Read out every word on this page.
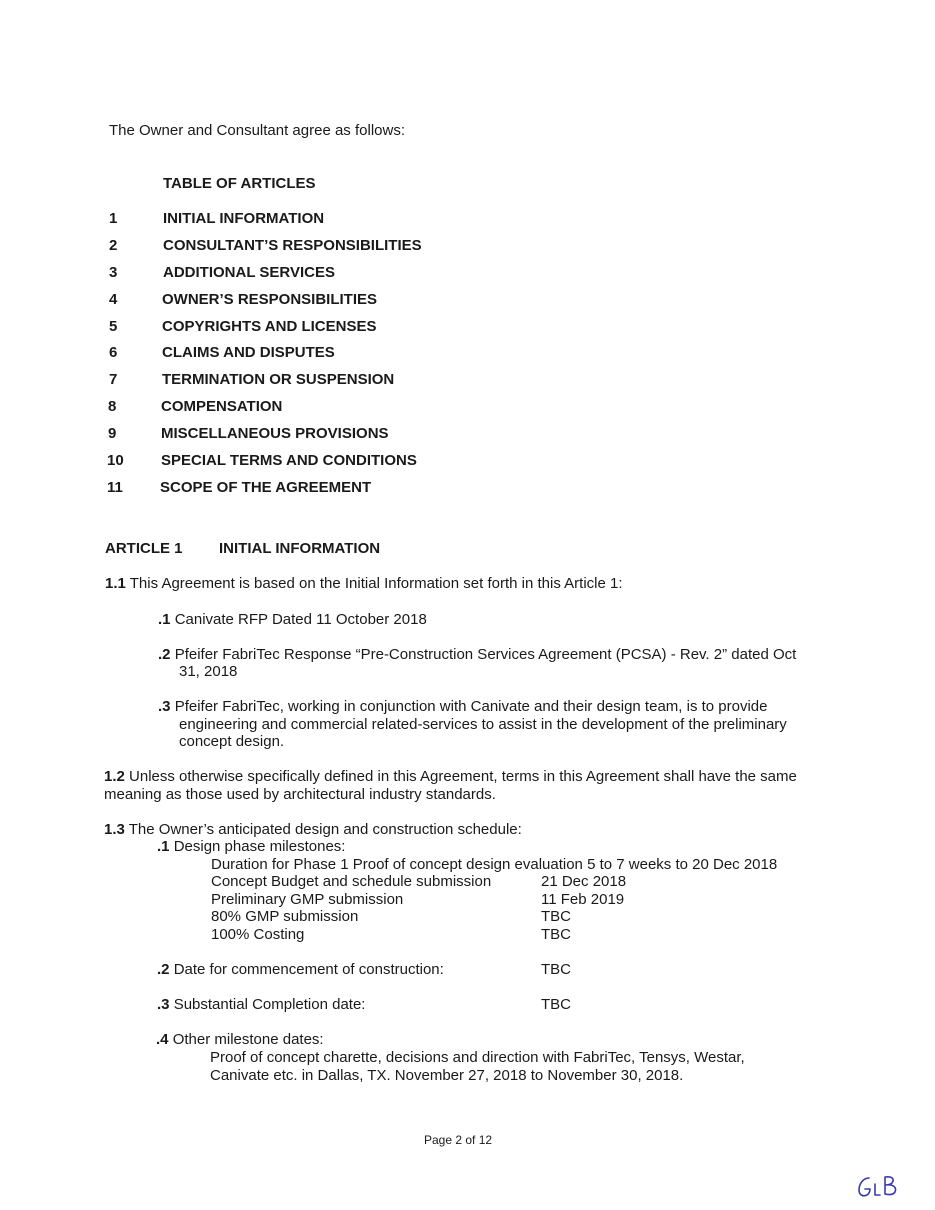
The Owner and Consultant agree as follows:
TABLE OF ARTICLES
1	INITIAL INFORMATION
2	CONSULTANT’S RESPONSIBILITIES
3	ADDITIONAL SERVICES
4	OWNER’S RESPONSIBILITIES
5	COPYRIGHTS AND LICENSES
6	CLAIMS AND DISPUTES
7	TERMINATION OR SUSPENSION
8	COMPENSATION
9	MISCELLANEOUS PROVISIONS
10 SPECIAL TERMS AND CONDITIONS
11 SCOPE OF THE AGREEMENT
ARTICLE 1 INITIAL INFORMATION
1.1 This Agreement is based on the Initial Information set forth in this Article 1:
.1 Canivate RFP Dated 11 October 2018
.2 Pfeifer FabriTec Response “Pre-Construction Services Agreement (PCSA) - Rev. 2” dated Oct
31, 2018
.3 Pfeifer FabriTec, working in conjunction with Canivate and their design team, is to provide
engineering and commercial related-services to assist in the development of the preliminary
concept design.
1.2 Unless otherwise specifically defined in this Agreement, terms in this Agreement shall have the same
meaning as those used by architectural industry standards.
1.3 The Owner’s anticipated design and construction schedule:
.1 Design phase milestones:
Duration for Phase 1 Proof of concept design evaluation 5 to 7 weeks to 20 Dec 2018
Concept Budget and schedule submission	21 Dec 2018
Preliminary GMP submission	11 Feb 2019
80% GMP submission	TBC
100% Costing	TBC
.2 Date for commencement of construction:	TBC
.3 Substantial Completion date:	TBC
.4 Other milestone dates:
Proof of concept charette, decisions and direction with FabriTec, Tensys, Westar,
Canivate etc. in Dallas, TX. November 27, 2018 to November 30, 2018.
Page 2 of 12
